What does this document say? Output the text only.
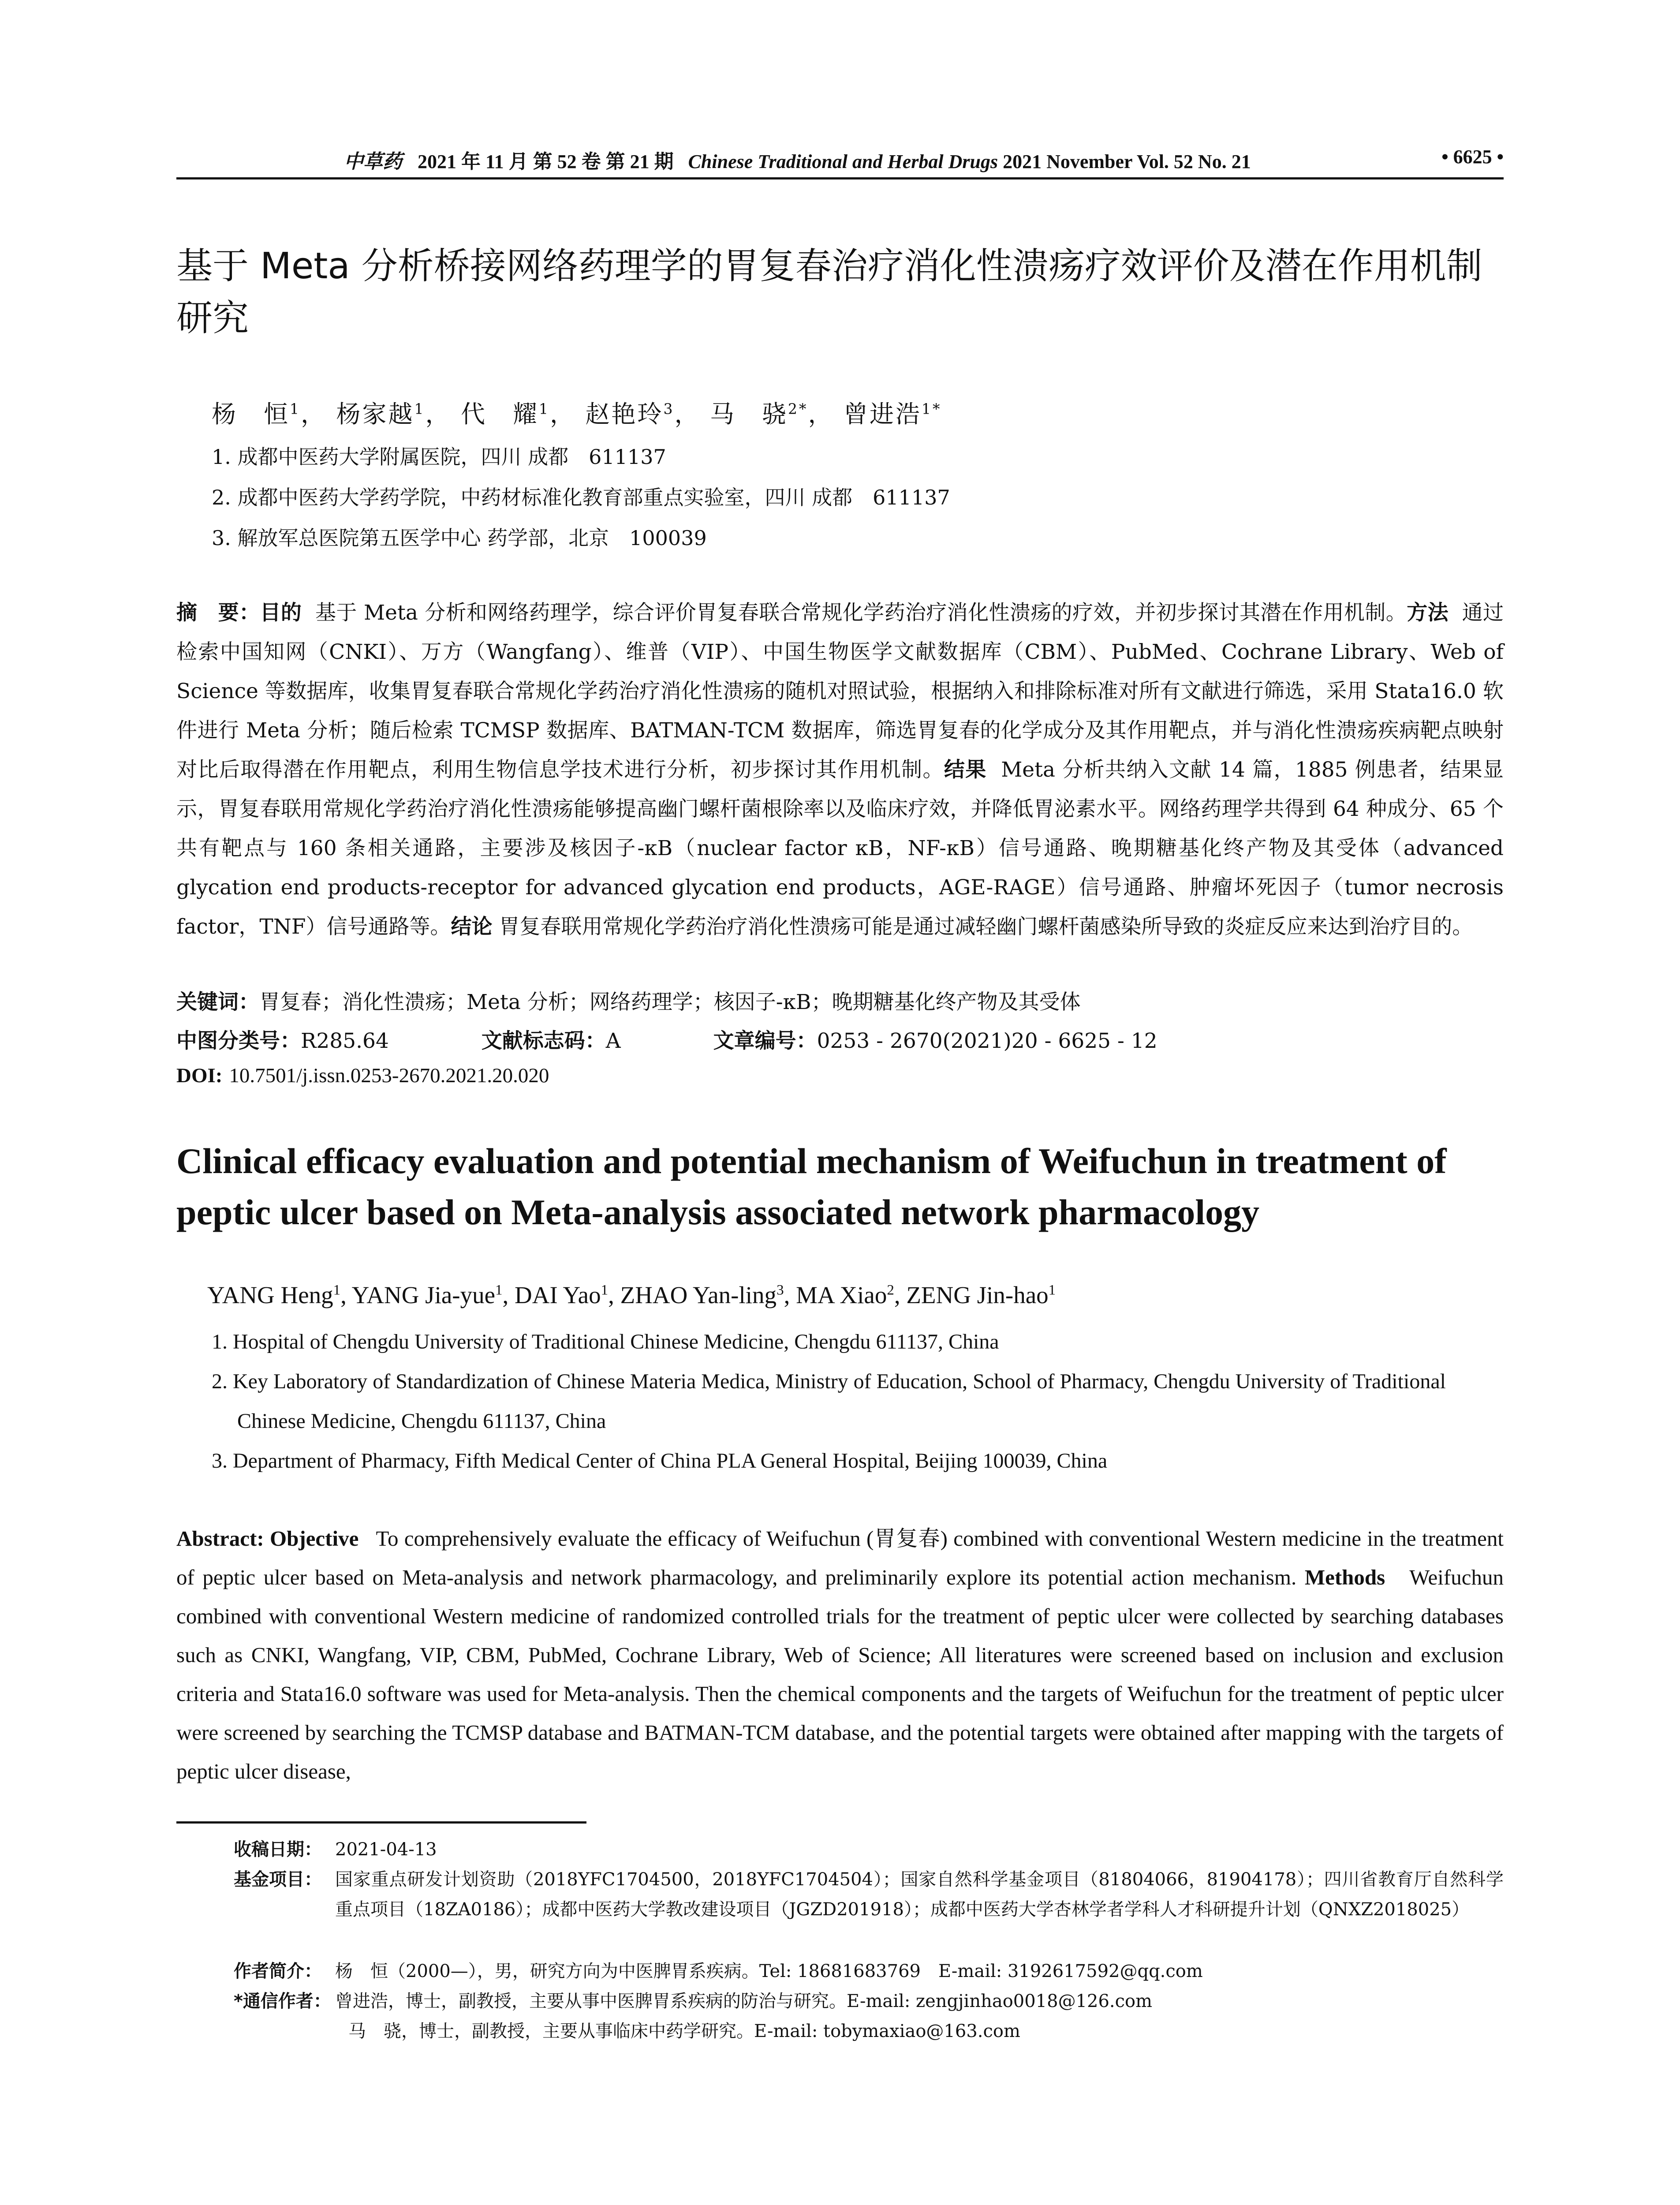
中草药 2021 年 11 月 第 52 卷 第 21 期 Chinese Traditional and Herbal Drugs 2021 November Vol. 52 No. 21	• 6625 •
基于 Meta 分析桥接网络药理学的胃复春治疗消化性溃疡疗效评价及潜在作用机制研究
杨　恒$^1$， 杨家越$^1$， 代　耀$^1$， 赵艳玲$^3$， 马　骁$^{2*}$， 曾进浩$^{1*}$
1. 成都中医药大学附属医院，四川 成都　611137
2. 成都中医药大学药学院，中药材标准化教育部重点实验室，四川 成都　611137
3. 解放军总医院第五医学中心 药学部，北京　100039
摘　要：目的 基于 Meta 分析和网络药理学，综合评价胃复春联合常规化学药治疗消化性溃疡的疗效，并初步探讨其潜在作用机制。方法 通过检索中国知网（CNKI）、万方（Wangfang）、维普（VIP）、中国生物医学文献数据库（CBM）、PubMed、Cochrane Library、Web of Science 等数据库，收集胃复春联合常规化学药治疗消化性溃疡的随机对照试验，根据纳入和排除标准对所有文献进行筛选，采用 Stata16.0 软件进行 Meta 分析；随后检索 TCMSP 数据库、BATMAN-TCM 数据库，筛选胃复春的化学成分及其作用靶点，并与消化性溃疡疾病靶点映射对比后取得潜在作用靶点，利用生物信息学技术进行分析，初步探讨其作用机制。结果 Meta 分析共纳入文献 14 篇，1885 例患者，结果显示，胃复春联用常规化学药治疗消化性溃疡能够提高幽门螺杆菌根除率以及临床疗效，并降低胃泌素水平。网络药理学共得到 64 种成分、65 个共有靶点与 160 条相关通路，主要涉及核因子-κB（nuclear factor κB，NF-κB）信号通路、晚期糖基化终产物及其受体（advanced glycation end products-receptor for advanced glycation end products，AGE-RAGE）信号通路、肿瘤坏死因子（tumor necrosis factor，TNF）信号通路等。结论 胃复春联用常规化学药治疗消化性溃疡可能是通过减轻幽门螺杆菌感染所导致的炎症反应来达到治疗目的。
关键词：胃复春；消化性溃疡；Meta 分析；网络药理学；核因子-κB；晚期糖基化终产物及其受体
中图分类号：R285.64	文献标志码：A	文章编号：0253 - 2670(2021)20 - 6625 - 12
DOI: 10.7501/j.issn.0253-2670.2021.20.020
Clinical efficacy evaluation and potential mechanism of Weifuchun in treatment of peptic ulcer based on Meta-analysis associated network pharmacology
YANG Heng$^1$, YANG Jia-yue$^1$, DAI Yao$^1$, ZHAO Yan-ling$^3$, MA Xiao$^2$, ZENG Jin-hao$^1$
1. Hospital of Chengdu University of Traditional Chinese Medicine, Chengdu 611137, China
2. Key Laboratory of Standardization of Chinese Materia Medica, Ministry of Education, School of Pharmacy, Chengdu University of Traditional Chinese Medicine, Chengdu 611137, China
3. Department of Pharmacy, Fifth Medical Center of China PLA General Hospital, Beijing 100039, China
Abstract: Objective To comprehensively evaluate the efficacy of Weifuchun (胃复春) combined with conventional Western medicine in the treatment of peptic ulcer based on Meta-analysis and network pharmacology, and preliminarily explore its potential action mechanism. Methods Weifuchun combined with conventional Western medicine of randomized controlled trials for the treatment of peptic ulcer were collected by searching databases such as CNKI, Wangfang, VIP, CBM, PubMed, Cochrane Library, Web of Science; All literatures were screened based on inclusion and exclusion criteria and Stata16.0 software was used for Meta-analysis. Then the chemical components and the targets of Weifuchun for the treatment of peptic ulcer were screened by searching the TCMSP database and BATMAN-TCM database, and the potential targets were obtained after mapping with the targets of peptic ulcer disease,
收稿日期： 2021-04-13
基金项目： 国家重点研发计划资助（2018YFC1704500，2018YFC1704504）；国家自然科学基金项目（81804066，81904178）；四川省教育厅自然科学重点项目（18ZA0186）；成都中医药大学教改建设项目（JGZD201918）；成都中医药大学杏林学者学科人才科研提升计划（QNXZ2018025）
作者简介： 杨　恒（2000—），男，研究方向为中医脾胃系疾病。Tel: 18681683769　E-mail: 3192617592@qq.com
*通信作者： 曾进浩，博士，副教授，主要从事中医脾胃系疾病的防治与研究。E-mail: zengjinhao0018@126.com
马　骁，博士，副教授，主要从事临床中药学研究。E-mail: tobymaxiao@163.com
